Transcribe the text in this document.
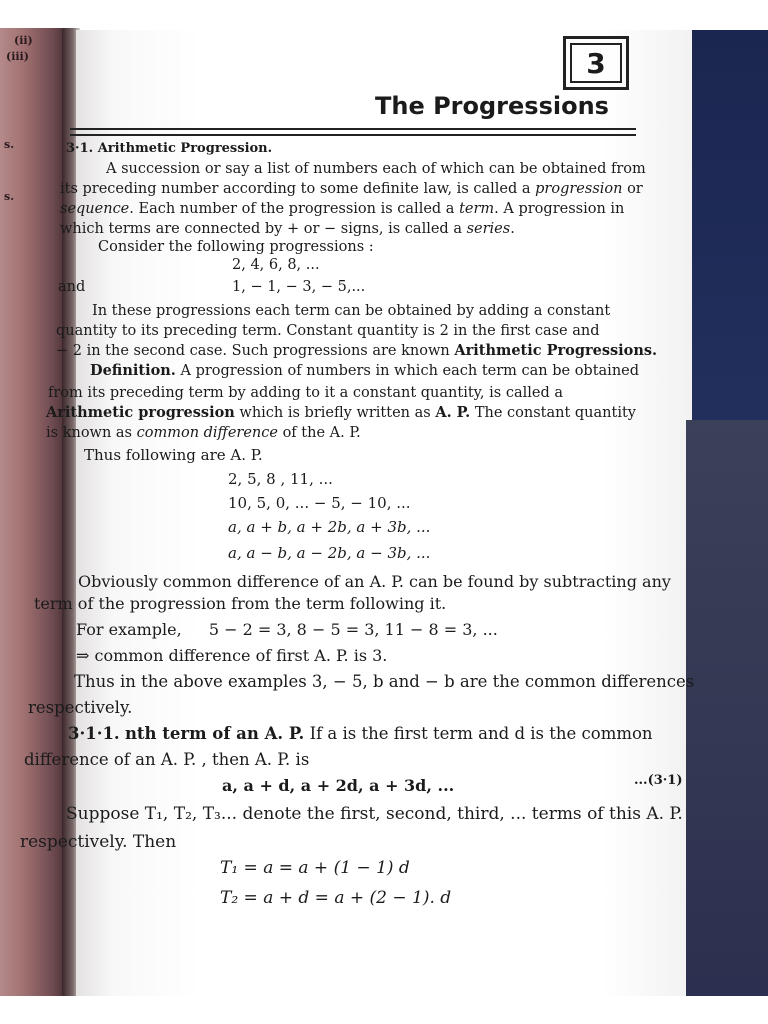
(ii)
(iii)
s.
s.
3
The Progressions
3·1. Arithmetic Progression.
A succession or say a list of numbers each of which can be obtained from
its preceding number according to some definite law, is called a progression or
sequence. Each number of the progression is called a term. A progression in
which terms are connected by + or − signs, is called a series.
Consider the following progressions :
2, 4, 6, 8, ...
and	1, − 1, − 3, − 5,...
In these progressions each term can be obtained by adding a constant
quantity to its preceding term. Constant quantity is 2 in the first case and
− 2 in the second case. Such progressions are known Arithmetic Progressions.
Definition. A progression of numbers in which each term can be obtained
from its preceding term by adding to it a constant quantity, is called a
Arithmetic progression which is briefly written as A. P. The constant quantity
is known as common difference of the A. P.
Thus following are A. P.
2, 5, 8 , 11, ...
10, 5, 0, ... − 5, − 10, ...
a, a + b, a + 2b, a + 3b, ...
a, a − b, a − 2b, a − 3b, ...
Obviously common difference of an A. P. can be found by subtracting any
term of the progression from the term following it.
For example, 5 − 2 = 3, 8 − 5 = 3, 11 − 8 = 3, ...
⇒ common difference of first A. P. is 3.
Thus in the above examples 3, − 5, b and − b are the common differences
respectively.
3·1·1. nth term of an A. P. If a is the first term and d is the common
difference of an A. P. , then A. P. is
a, a + d, a + 2d, a + 3d, ...	...(3·1)
Suppose T₁, T₂, T₃... denote the first, second, third, ... terms of this A. P.
respectively. Then
T₁ = a = a + (1 − 1) d
T₂ = a + d = a + (2 − 1). d
